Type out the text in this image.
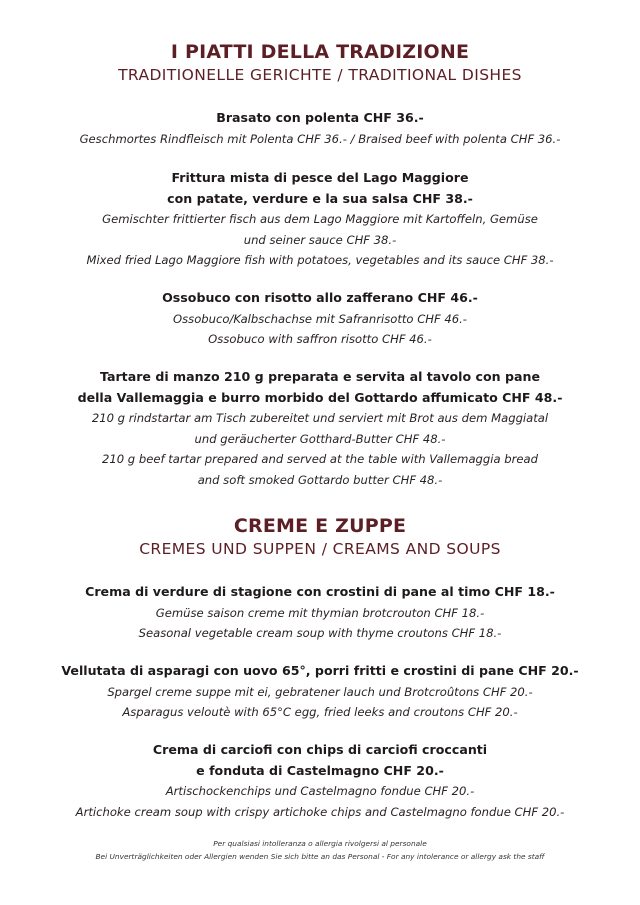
I PIATTI DELLA TRADIZIONE

TRADITIONELLE GERICHTE / TRADITIONAL DISHES

Brasato con polenta CHF 36.-
Geschmortes Rindfleisch mit Polenta CHF 36.- / Braised beef with polenta CHF 36.-
Frittura mista di pesce del Lago Maggiore
con patate, verdure e la sua salsa CHF 38.-
Gemischter frittierter fisch aus dem Lago Maggiore mit Kartoffeln, Gemüse
und seiner sauce CHF 38.-
Mixed fried Lago Maggiore fish with potatoes, vegetables and its sauce CHF 38.-
Ossobuco con risotto allo zafferano CHF 46.-
Ossobuco/Kalbschachse mit Safranrisotto CHF 46.-
Ossobuco with saffron risotto CHF 46.-
Tartare di manzo 210 g preparata e servita al tavolo con pane
della Vallemaggia e burro morbido del Gottardo affumicato CHF 48.-
210 g rindstartar am Tisch zubereitet und serviert mit Brot aus dem Maggiatal
und geräucherter Gotthard-Butter CHF 48.-
210 g beef tartar prepared and served at the table with Vallemaggia bread
and soft smoked Gottardo butter CHF 48.-

CREME E ZUPPE

CREMES UND SUPPEN / CREAMS AND SOUPS

Crema di verdure di stagione con crostini di pane al timo CHF 18.-
Gemüse saison creme mit thymian brotcrouton CHF 18.-
Seasonal vegetable cream soup with thyme croutons CHF 18.-
Vellutata di asparagi con uovo 65°, porri fritti e crostini di pane CHF 20.-
Spargel creme suppe mit ei, gebratener lauch und Brotcroûtons CHF 20.-
Asparagus veloutè with 65°C egg, fried leeks and croutons CHF 20.-
Crema di carciofi con chips di carciofi croccanti
e fonduta di Castelmagno CHF 20.-
Artischockenchips und Castelmagno fondue CHF 20.-
Artichoke cream soup with crispy artichoke chips and Castelmagno fondue CHF 20.-
Per qualsiasi intolleranza o allergia rivolgersi al personale
Bei Unverträglichkeiten oder Allergien wenden Sie sich bitte an das Personal - For any intolerance or allergy ask the staff
